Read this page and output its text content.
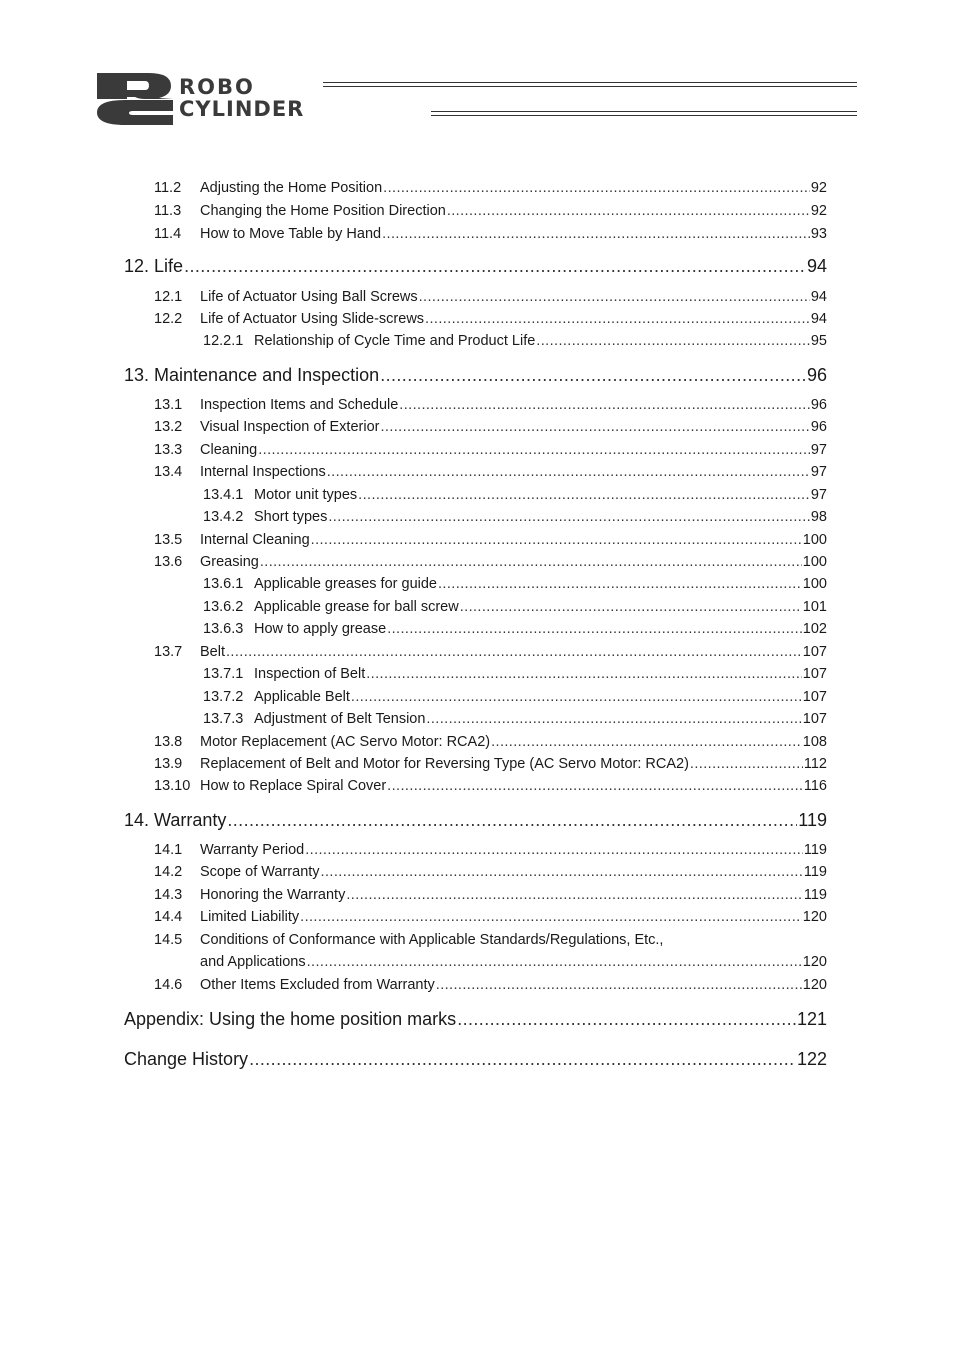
ROBO
CYLINDER
11.2	Adjusting the Home Position .....	92
11.3	Changing the Home Position Direction .....	92
11.4	How to Move Table by Hand .....	93
12. Life .....	94
12.1	Life of Actuator Using Ball Screws .....	94
12.2	Life of Actuator Using Slide-screws .....	94
12.2.1 Relationship of Cycle Time and Product Life .....	95
13. Maintenance and Inspection .....	96
13.1	Inspection Items and Schedule .....	96
13.2	Visual Inspection of Exterior .....	96
13.3	Cleaning .....	97
13.4	Internal Inspections .....	97
13.4.1 Motor unit types .....	97
13.4.2 Short types .....	98
13.5	Internal Cleaning .....	100
13.6	Greasing .....	100
13.6.1 Applicable greases for guide .....	100
13.6.2 Applicable grease for ball screw .....	101
13.6.3 How to apply grease .....	102
13.7	Belt .....	107
13.7.1 Inspection of Belt .....	107
13.7.2 Applicable Belt .....	107
13.7.3 Adjustment of Belt Tension .....	107
13.8	Motor Replacement (AC Servo Motor: RCA2) .....	108
13.9	Replacement of Belt and Motor for Reversing Type (AC Servo Motor: RCA2) .....	112
13.10 How to Replace Spiral Cover .....	116
14. Warranty .....	119
14.1	Warranty Period .....	119
14.2	Scope of Warranty .....	119
14.3	Honoring the Warranty .....	119
14.4	Limited Liability .....	120
14.5	Conditions of Conformance with Applicable Standards/Regulations, Etc.,
and Applications .....	120
14.6	Other Items Excluded from Warranty .....	120
Appendix: Using the home position marks .....	121
Change History .....	122
